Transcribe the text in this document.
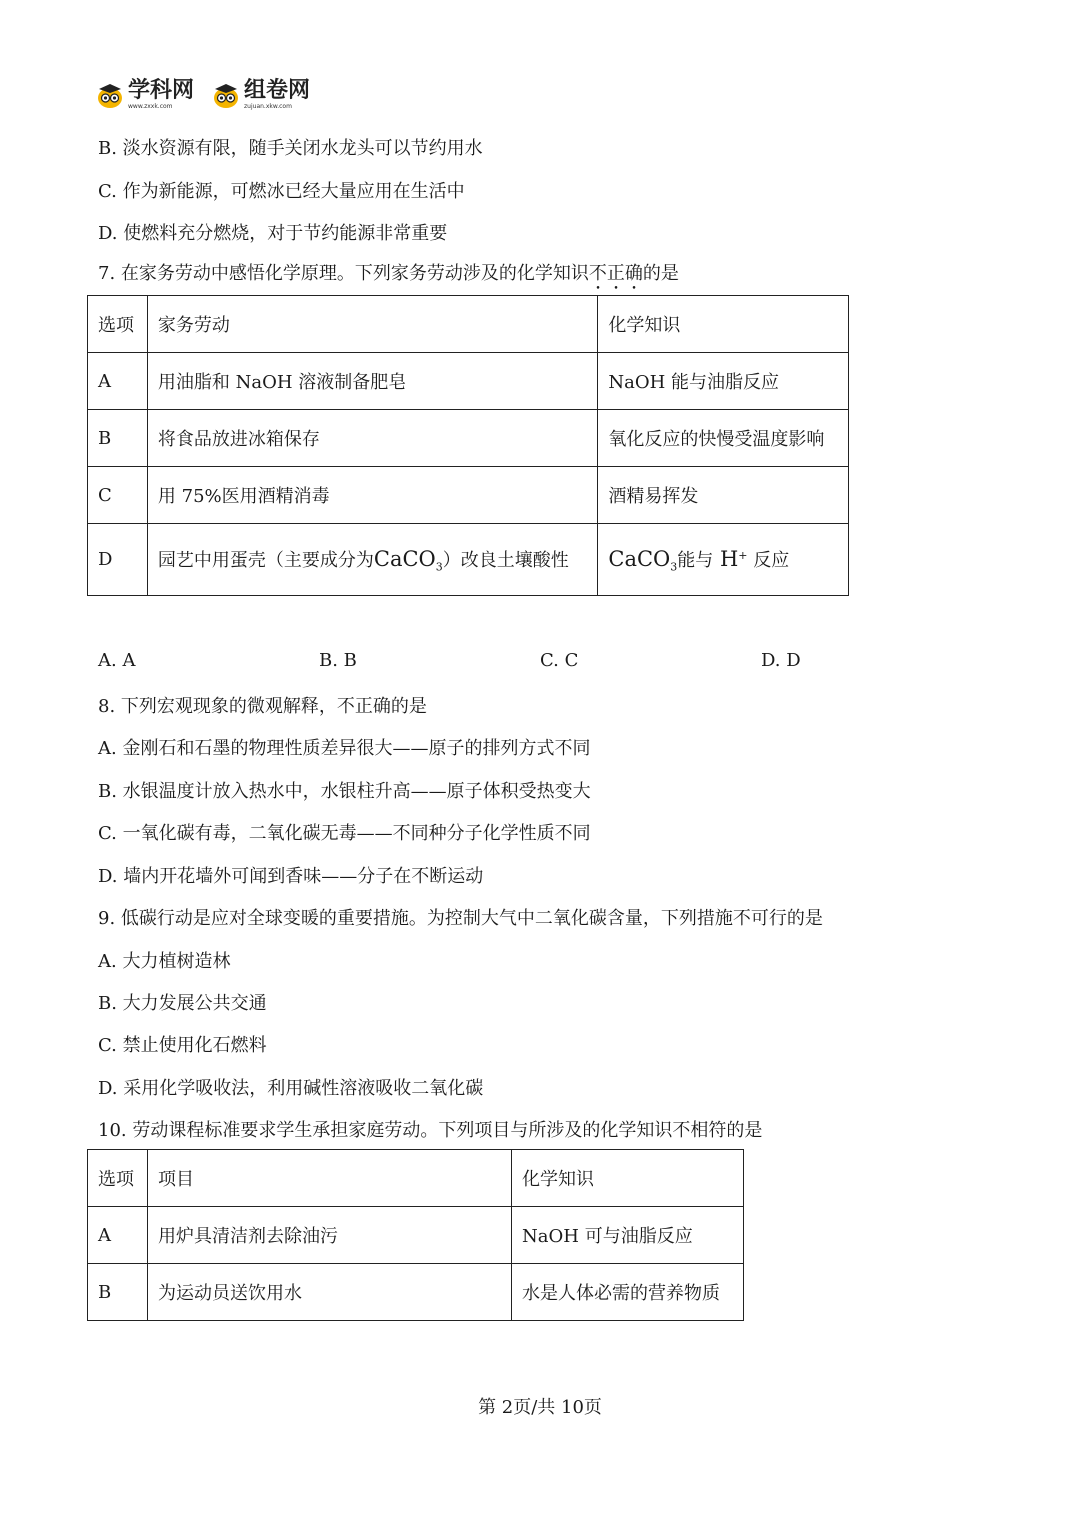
学科网
www.zxxk.com
组卷网
zujuan.xkw.com
B. 淡水资源有限，随手关闭水龙头可以节约用水
C. 作为新能源，可燃冰已经大量应用在生活中
D. 使燃料充分燃烧，对于节约能源非常重要
7. 在家务劳动中感悟化学原理。下列家务劳动涉及的化学知识不正确的是
选项	家务劳动	化学知识
A	用油脂和 NaOH 溶液制备肥皂	NaOH 能与油脂反应
B	将食品放进冰箱保存	氧化反应的快慢受温度影响
C	用 75%医用酒精消毒	酒精易挥发
D	园艺中用蛋壳（主要成分为CaCO$_3$）改良土壤酸性	CaCO$_3$能与 H+ 反应
A. A	B. B	C. C	D. D
8. 下列宏观现象的微观解释，不正确的是
A. 金刚石和石墨的物理性质差异很大——原子的排列方式不同
B. 水银温度计放入热水中，水银柱升高——原子体积受热变大
C. 一氧化碳有毒，二氧化碳无毒——不同种分子化学性质不同
D. 墙内开花墙外可闻到香味——分子在不断运动
9. 低碳行动是应对全球变暖的重要措施。为控制大气中二氧化碳含量，下列措施不可行的是
A. 大力植树造林
B. 大力发展公共交通
C. 禁止使用化石燃料
D. 采用化学吸收法，利用碱性溶液吸收二氧化碳
10. 劳动课程标准要求学生承担家庭劳动。下列项目与所涉及的化学知识不相符的是
选项	项目	化学知识
A	用炉具清洁剂去除油污	NaOH 可与油脂反应
B	为运动员送饮用水	水是人体必需的营养物质
第 2页/共 10页
